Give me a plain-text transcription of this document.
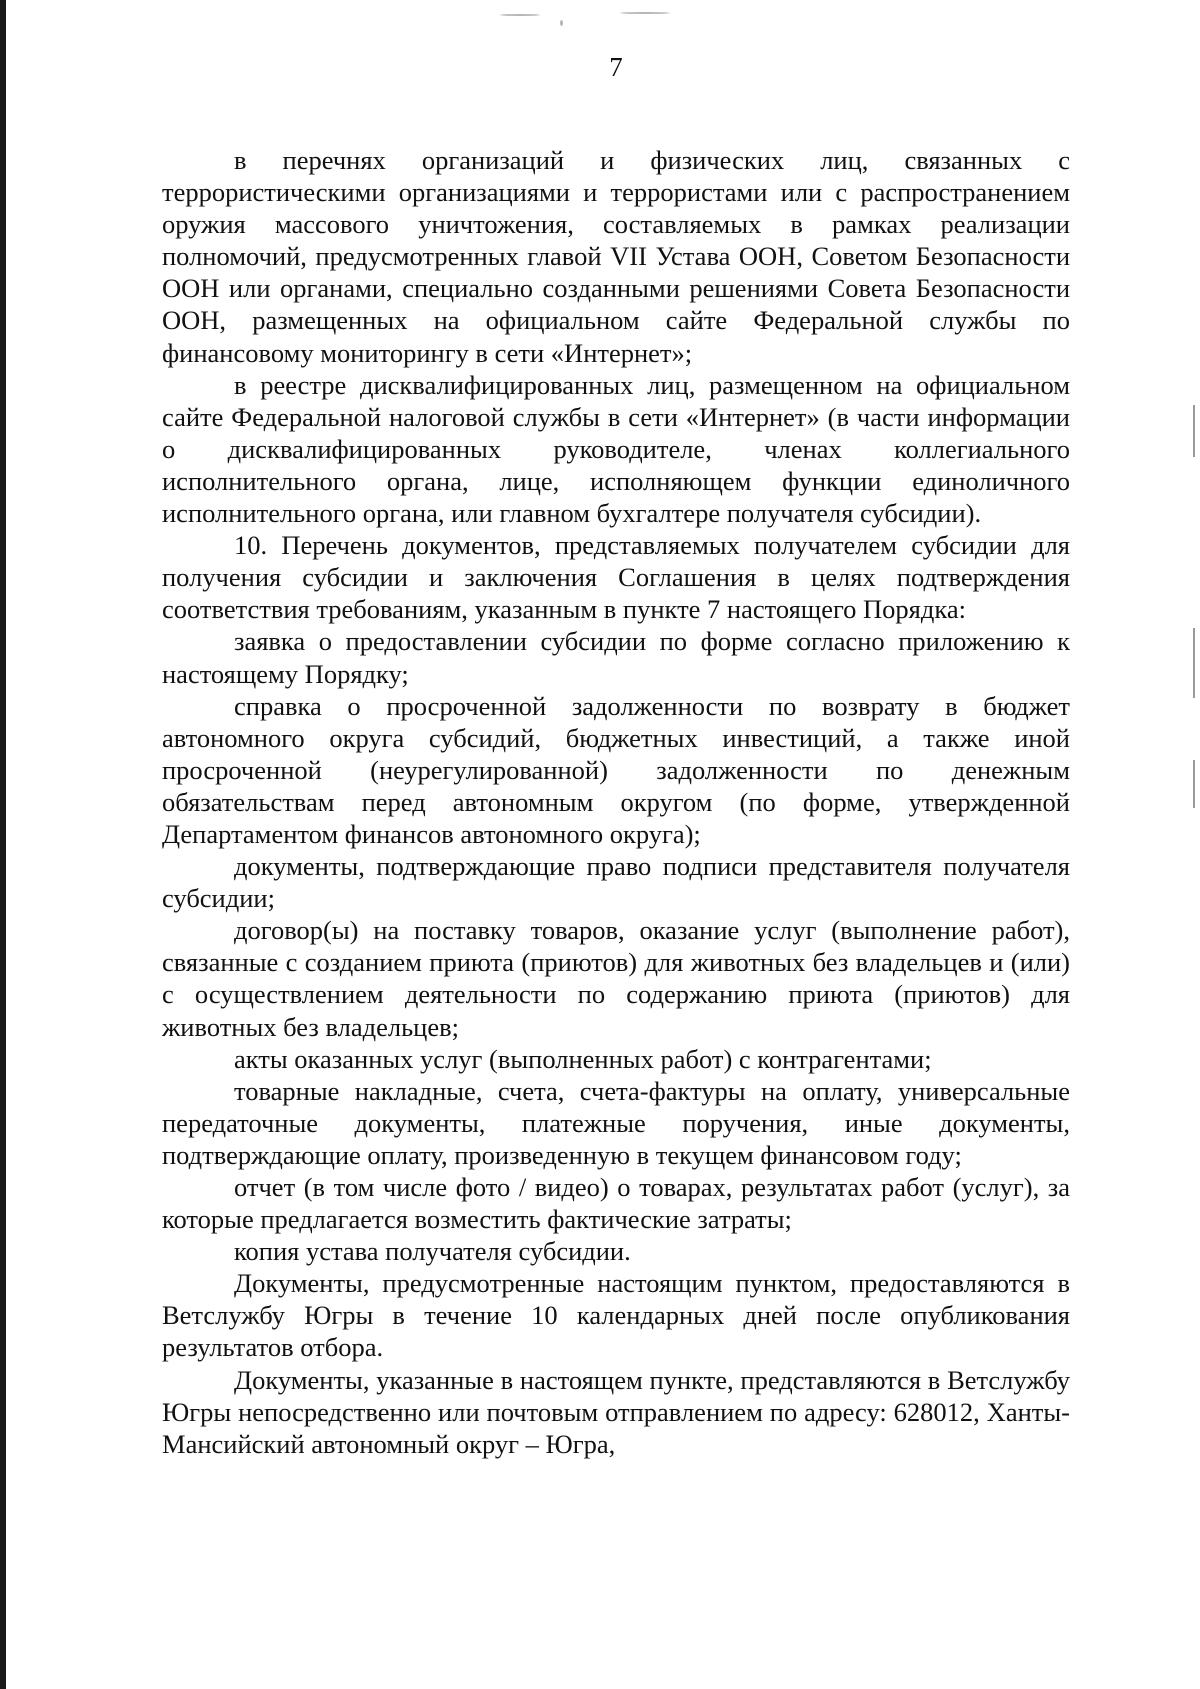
7

в перечнях организаций и физических лиц, связанных с террористическими организациями и террористами или с распространением оружия массового уничтожения, составляемых в рамках реализации полномочий, предусмотренных главой VII Устава ООН, Советом Безопасности ООН или органами, специально созданными решениями Совета Безопасности ООН, размещенных на официальном сайте Федеральной службы по финансовому мониторингу в сети «Интернет»;

в реестре дисквалифицированных лиц, размещенном на официальном сайте Федеральной налоговой службы в сети «Интернет» (в части информации о дисквалифицированных руководителе, членах коллегиального исполнительного органа, лице, исполняющем функции единоличного исполнительного органа, или главном бухгалтере получателя субсидии).

10. Перечень документов, представляемых получателем субсидии для получения субсидии и заключения Соглашения в целях подтверждения соответствия требованиям, указанным в пункте 7 настоящего Порядка:

заявка о предоставлении субсидии по форме согласно приложению к настоящему Порядку;

справка о просроченной задолженности по возврату в бюджет автономного округа субсидий, бюджетных инвестиций, а также иной просроченной (неурегулированной) задолженности по денежным обязательствам перед автономным округом (по форме, утвержденной Департаментом финансов автономного округа);

документы, подтверждающие право подписи представителя получателя субсидии;

договор(ы) на поставку товаров, оказание услуг (выполнение работ), связанные с созданием приюта (приютов) для животных без владельцев и (или) с осуществлением деятельности по содержанию приюта (приютов) для животных без владельцев;

акты оказанных услуг (выполненных работ) с контрагентами;

товарные накладные, счета, счета-фактуры на оплату, универсальные передаточные документы, платежные поручения, иные документы, подтверждающие оплату, произведенную в текущем финансовом году;

отчет (в том числе фото / видео) о товарах, результатах работ (услуг), за которые предлагается возместить фактические затраты;

копия устава получателя субсидии.

Документы, предусмотренные настоящим пунктом, предоставляются в Ветслужбу Югры в течение 10 календарных дней после опубликования результатов отбора.

Документы, указанные в настоящем пункте, представляются в Ветслужбу Югры непосредственно или почтовым отправлением по адресу: 628012, Ханты-Мансийский автономный округ – Югра,
